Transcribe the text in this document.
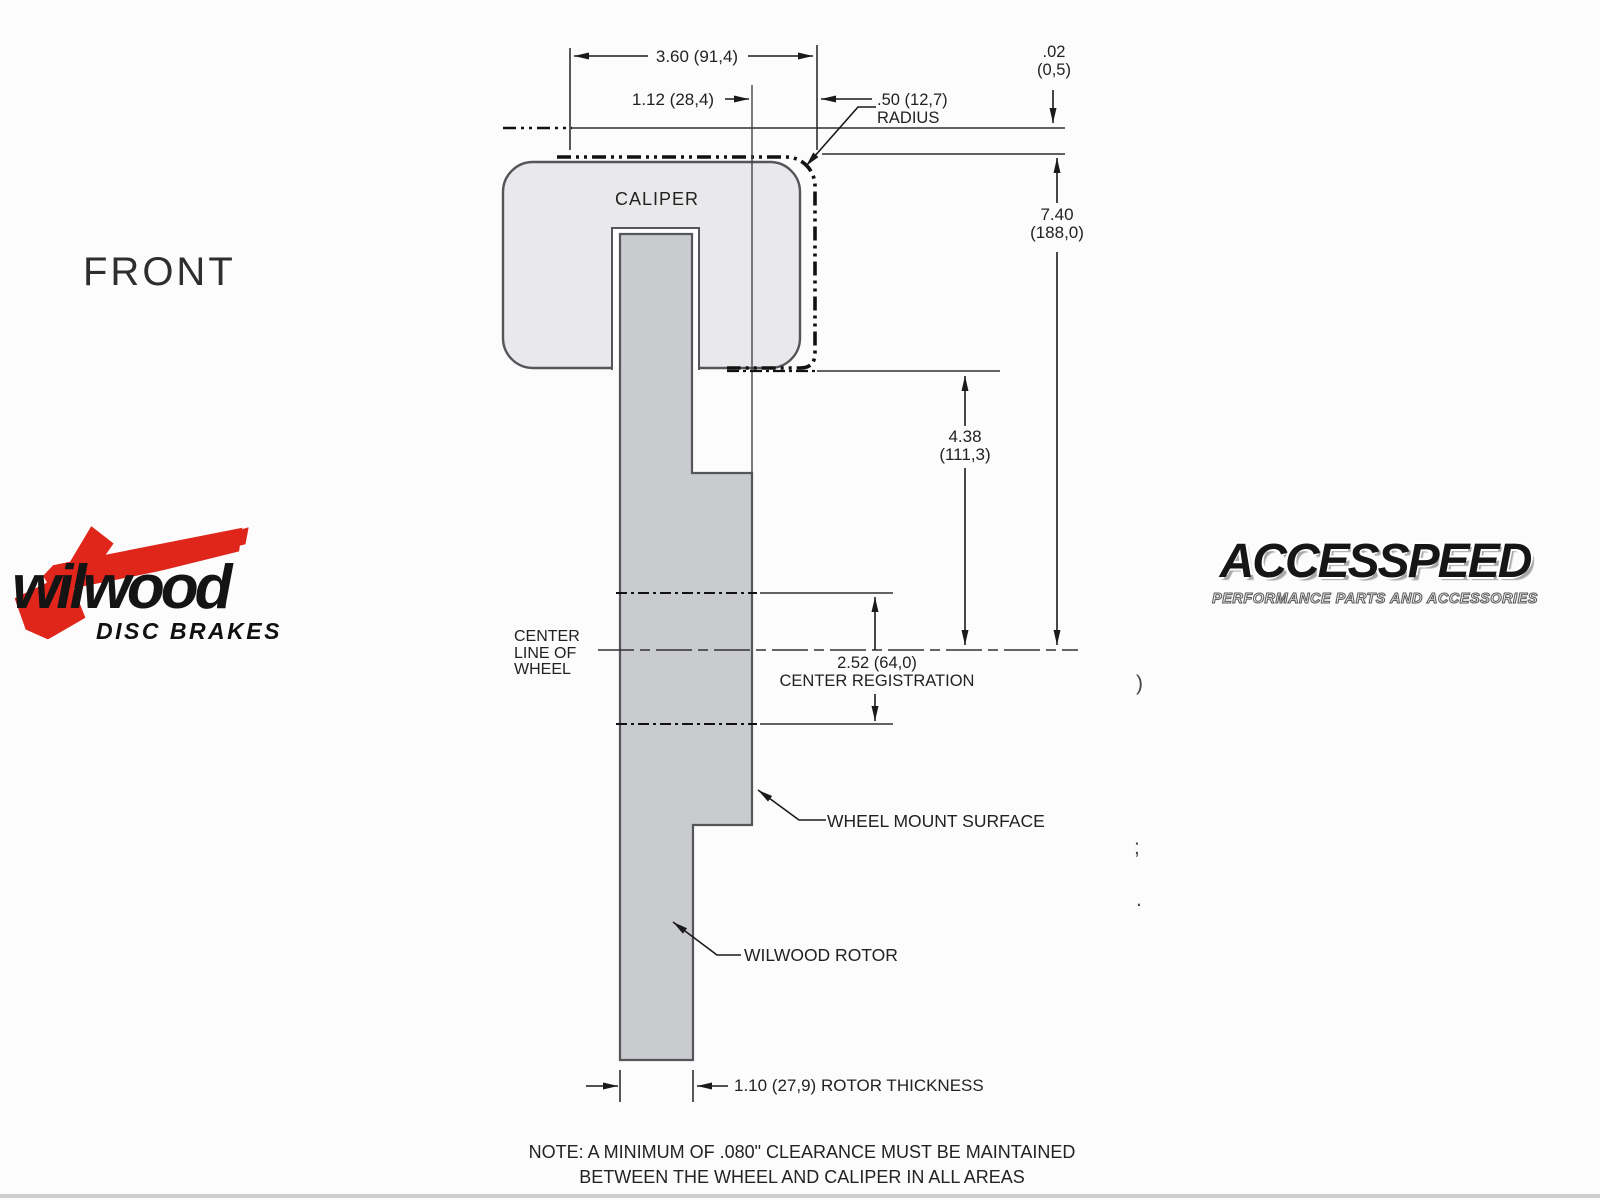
FRONT
CALIPER
3.60 (91,4)
1.12 (28,4)	.50 (12,7)
RADIUS
.02
(0,5)
7.40
(188,0)
4.38
(111,3)
CENTER
LINE OF
WHEEL	2.52 (64,0)
CENTER REGISTRATION
WHEEL MOUNT SURFACE
WILWOOD ROTOR
1.10 (27,9) ROTOR THICKNESS
NOTE: A MINIMUM OF .080" CLEARANCE MUST BE MAINTAINED
BETWEEN THE WHEEL AND CALIPER IN ALL AREAS
)
;
.
wilwood
DISC BRAKES
ACCESSPEED
PERFORMANCE PARTS AND ACCESSORIES
